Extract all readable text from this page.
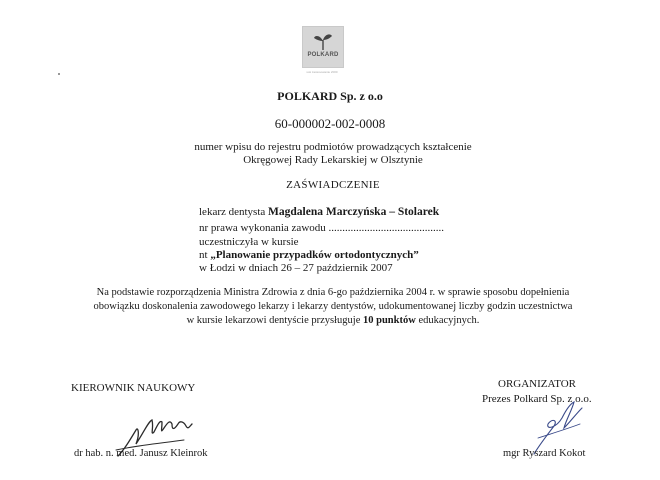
POLKARD
sok zastosowanie 2000
POLKARD Sp. z o.o
60-000002-002-0008
numer wpisu do rejestru podmiotów prowadzących kształcenie
Okręgowej Rady Lekarskiej w Olsztynie
ZAŚWIADCZENIE
lekarz dentysta Magdalena Marczyńska – Stolarek
nr prawa wykonania zawodu ..........................................
uczestniczyła w kursie
nt „Planowanie przypadków ortodontycznych”
w Łodzi w dniach 26 – 27 październik 2007
Na podstawie rozporządzenia Ministra Zdrowia z dnia 6-go października 2004 r. w sprawie sposobu dopełnienia
obowiązku doskonalenia zawodowego lekarzy i lekarzy dentystów, udokumentowanej liczby godzin uczestnictwa
w kursie lekarzowi dentyście przysługuje 10 punktów edukacyjnych.
KIEROWNIK NAUKOWY	ORGANIZATOR
Prezes Polkard Sp. z o.o.
dr hab. n. med. Janusz Kleinrok	mgr Ryszard Kokot
